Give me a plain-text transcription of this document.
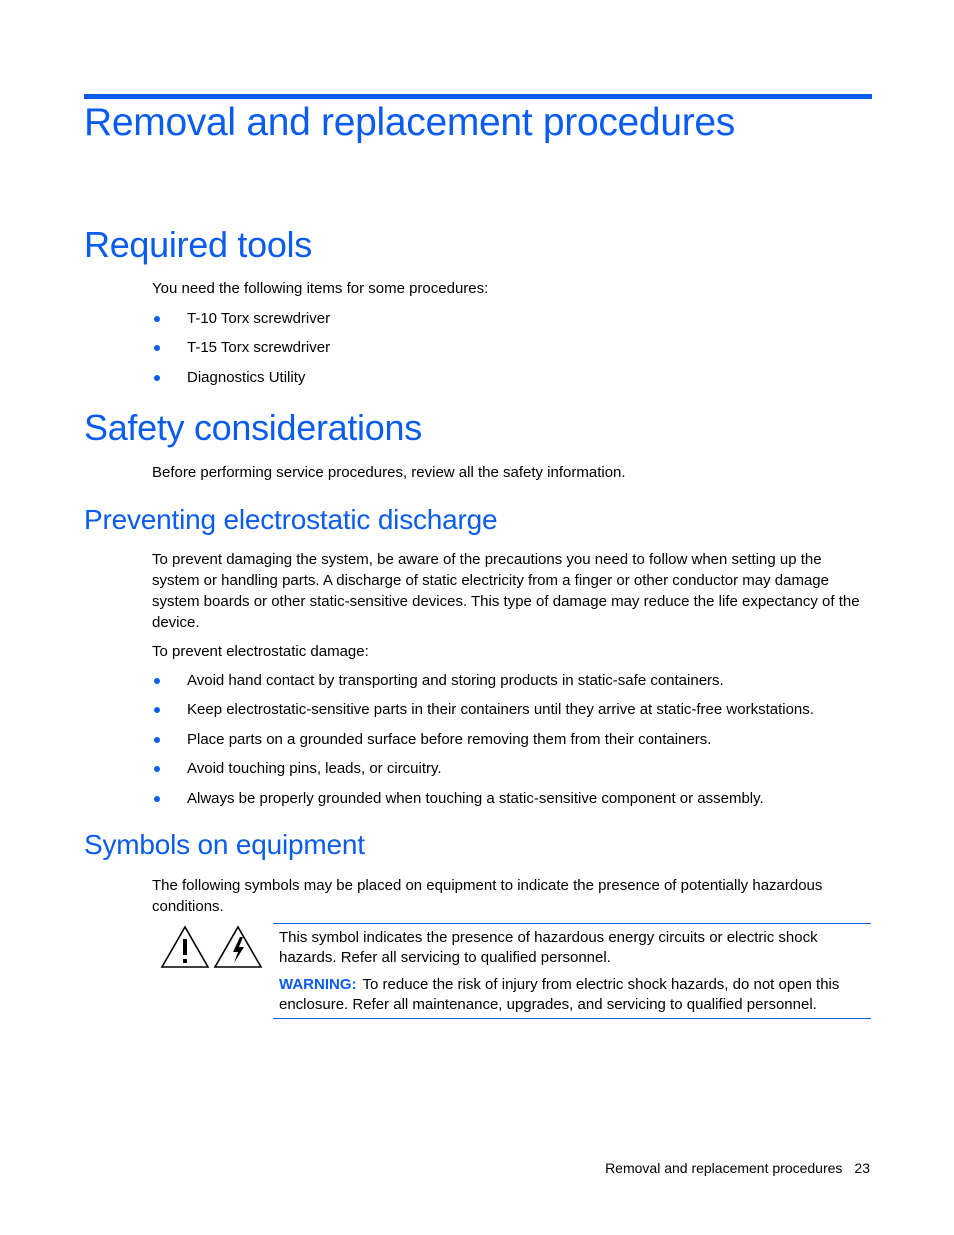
Removal and replacement procedures
Required tools

You need the following items for some procedures:

T-10 Torx screwdriver
T-15 Torx screwdriver
Diagnostics Utility
Safety considerations

Before performing service procedures, review all the safety information.

Preventing electrostatic discharge

To prevent damaging the system, be aware of the precautions you need to follow when setting up the system or handling parts. A discharge of static electricity from a finger or other conductor may damage system boards or other static-sensitive devices. This type of damage may reduce the life expectancy of the device.

To prevent electrostatic damage:

Avoid hand contact by transporting and storing products in static-safe containers.
Keep electrostatic-sensitive parts in their containers until they arrive at static-free workstations.
Place parts on a grounded surface before removing them from their containers.
Avoid touching pins, leads, or circuitry.
Always be properly grounded when touching a static-sensitive component or assembly.
Symbols on equipment

The following symbols may be placed on equipment to indicate the presence of potentially hazardous conditions.

This symbol indicates the presence of hazardous energy circuits or electric shock hazards. Refer all servicing to qualified personnel.

WARNING: To reduce the risk of injury from electric shock hazards, do not open this enclosure. Refer all maintenance, upgrades, and servicing to qualified personnel.

Removal and replacement procedures 23
